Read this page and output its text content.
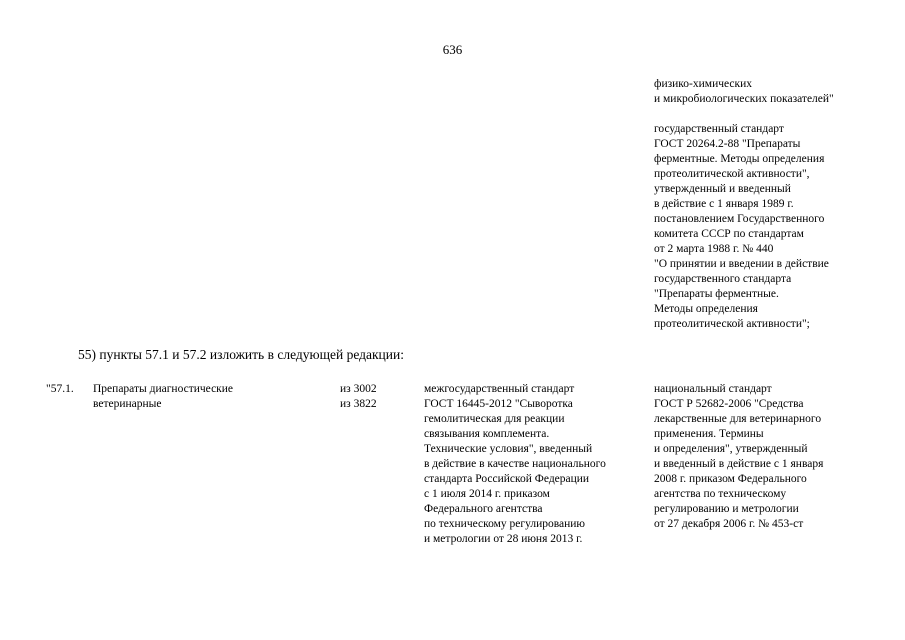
636
физико-химических
и микробиологических показателей"
государственный стандарт
ГОСТ 20264.2-88 "Препараты
ферментные. Методы определения
протеолитической активности",
утвержденный и введенный
в действие с 1 января 1989 г.
постановлением Государственного
комитета СССР по стандартам
от 2 марта 1988 г. № 440
"О принятии и введении в действие
государственного стандарта
"Препараты ферментные.
Методы определения
протеолитической активности";
55) пункты 57.1 и 57.2 изложить в следующей редакции:
"57.1. Препараты диагностические
ветеринарные
из 3002
из 3822
межгосударственный стандарт
ГОСТ 16445-2012 "Сыворотка
гемолитическая для реакции
связывания комплемента.
Технические условия", введенный
в действие в качестве национального
стандарта Российской Федерации
с 1 июля 2014 г. приказом
Федерального агентства
по техническому регулированию
и метрологии от 28 июня 2013 г.
национальный стандарт
ГОСТ Р 52682-2006 "Средства
лекарственные для ветеринарного
применения. Термины
и определения", утвержденный
и введенный в действие с 1 января
2008 г. приказом Федерального
агентства по техническому
регулированию и метрологии
от 27 декабря 2006 г. № 453-ст
